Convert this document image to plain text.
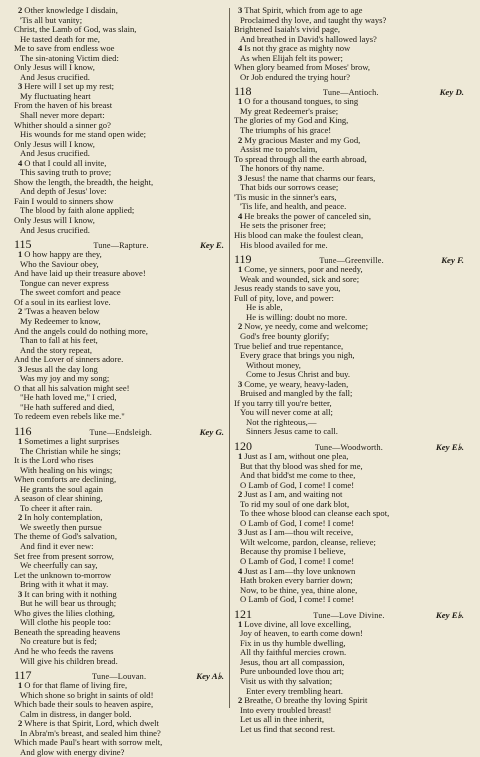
2 Other knowledge I disdain,
'Tis all but vanity;
Christ, the Lamb of God, was slain,
He tasted death for me,
Me to save from endless woe
The sin-atoning Victim died:
Only Jesus will I know,
And Jesus crucified.
3 Here will I set up my rest;
My fluctuating heart
From the haven of his breast
Shall never more depart:
Whither should a sinner go?
His wounds for me stand open wide;
Only Jesus will I know,
And Jesus crucified.
4 O that I could all invite,
This saving truth to prove;
Show the length, the breadth, the height,
And depth of Jesus' love:
Fain I would to sinners show
The blood by faith alone applied;
Only Jesus will I know,
And Jesus crucified.
115	Tune—Rapture.	Key E.
1 O how happy are they,
Who the Saviour obey,
And have laid up their treasure above!
Tongue can never express
The sweet comfort and peace
Of a soul in its earliest love.
2 'Twas a heaven below
My Redeemer to know,
And the angels could do nothing more,
Than to fall at his feet,
And the story repeat,
And the Lover of sinners adore.
3 Jesus all the day long
Was my joy and my song;
O that all his salvation might see!
"He hath loved me," I cried,
"He hath suffered and died,
To redeem even rebels like me."
116	Tune—Endsleigh.	Key G.
1 Sometimes a light surprises
The Christian while he sings;
It is the Lord who rises
With healing on his wings;
When comforts are declining,
He grants the soul again
A season of clear shining,
To cheer it after rain.
2 In holy contemplation,
We sweetly then pursue
The theme of God's salvation,
And find it ever new:
Set free from present sorrow,
We cheerfully can say,
Let the unknown to-morrow
Bring with it what it may.
3 It can bring with it nothing
But he will bear us through;
Who gives the lilies clothing,
Will clothe his people too:
Beneath the spreading heavens
No creature but is fed;
And he who feeds the ravens
Will give his children bread.
117	Tune—Louvan.	Key A♭.
1 O for that flame of living fire,
Which shone so bright in saints of old!
Which bade their souls to heaven aspire,
Calm in distress, in danger bold.
2 Where is that Spirit, Lord, which dwelt
In Abra'm's breast, and sealed him thine?
Which made Paul's heart with sorrow melt,
And glow with energy divine?
3 That Spirit, which from age to age
Proclaimed thy love, and taught thy ways?
Brightened Isaiah's vivid page,
And breathed in David's hallowed lays?
4 Is not thy grace as mighty now
As when Elijah felt its power;
When glory beamed from Moses' brow,
Or Job endured the trying hour?
118	Tune—Antioch.	Key D.
1 O for a thousand tongues, to sing
My great Redeemer's praise;
The glories of my God and King,
The triumphs of his grace!
2 My gracious Master and my God,
Assist me to proclaim,
To spread through all the earth abroad,
The honors of thy name.
3 Jesus! the name that charms our fears,
That bids our sorrows cease;
'Tis music in the sinner's ears,
'Tis life, and health, and peace.
4 He breaks the power of canceled sin,
He sets the prisoner free;
His blood can make the foulest clean,
His blood availed for me.
119	Tune—Greenville.	Key F.
1 Come, ye sinners, poor and needy,
Weak and wounded, sick and sore;
Jesus ready stands to save you,
Full of pity, love, and power:
He is able,
He is willing: doubt no more.
2 Now, ye needy, come and welcome;
God's free bounty glorify;
True belief and true repentance,
Every grace that brings you nigh,
Without money,
Come to Jesus Christ and buy.
3 Come, ye weary, heavy-laden,
Bruised and mangled by the fall;
If you tarry till you're better,
You will never come at all;
Not the righteous,—
Sinners Jesus came to call.
120	Tune—Woodworth.	Key E♭.
1 Just as I am, without one plea,
But that thy blood was shed for me,
And that bidd'st me come to thee,
O Lamb of God, I come! I come!
2 Just as I am, and waiting not
To rid my soul of one dark blot,
To thee whose blood can cleanse each spot,
O Lamb of God, I come! I come!
3 Just as I am—thou wilt receive,
Wilt welcome, pardon, cleanse, relieve;
Because thy promise I believe,
O Lamb of God, I come! I come!
4 Just as I am—thy love unknown
Hath broken every barrier down;
Now, to be thine, yea, thine alone,
O Lamb of God, I come! I come!
121	Tune—Love Divine.	Key E♭.
1 Love divine, all love excelling,
Joy of heaven, to earth come down!
Fix in us thy humble dwelling,
All thy faithful mercies crown.
Jesus, thou art all compassion,
Pure unbounded love thou art;
Visit us with thy salvation;
Enter every trembling heart.
2 Breathe, O breathe thy loving Spirit
Into every troubled breast!
Let us all in thee inherit,
Let us find that second rest.
